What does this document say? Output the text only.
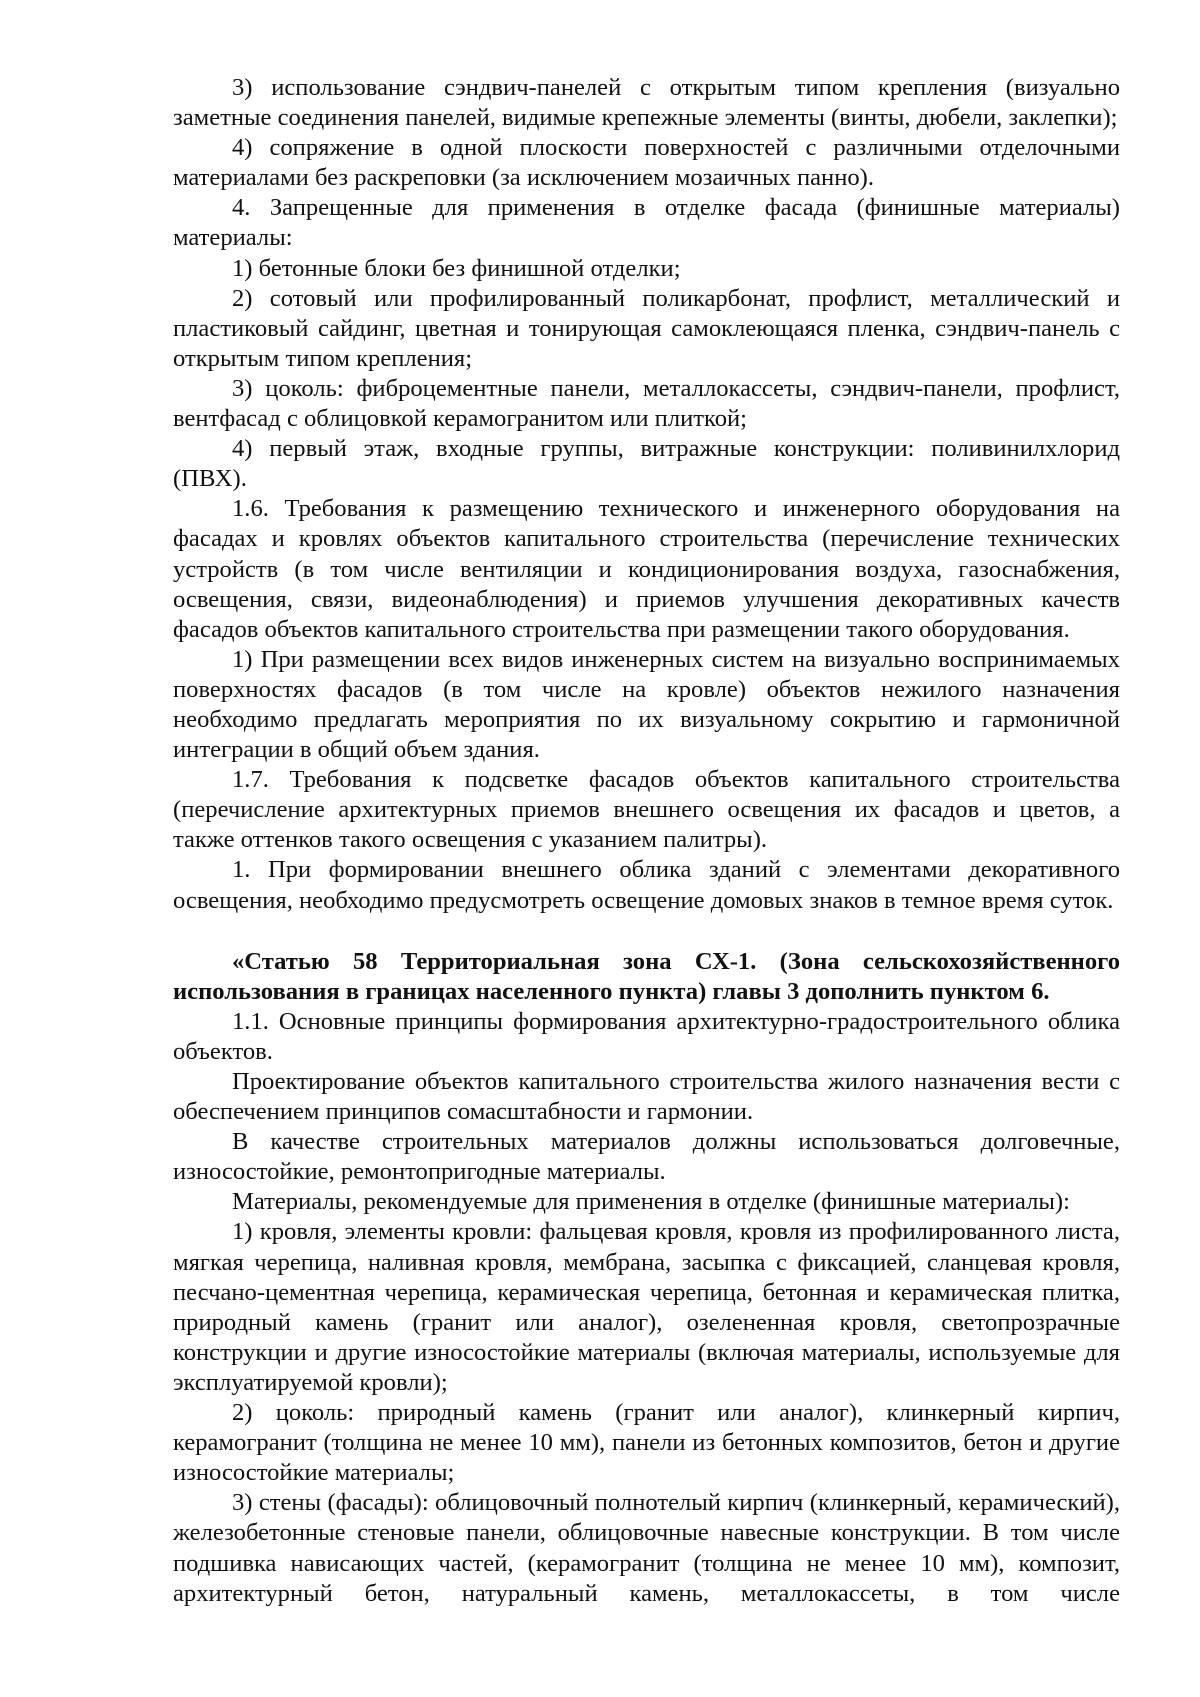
3) использование сэндвич-панелей с открытым типом крепления (визуально заметные соединения панелей, видимые крепежные элементы (винты, дюбели, заклепки);

4) сопряжение в одной плоскости поверхностей с различными отделочными материалами без раскреповки (за исключением мозаичных панно).

4. Запрещенные для применения в отделке фасада (финишные материалы) материалы:

1) бетонные блоки без финишной отделки;

2) сотовый или профилированный поликарбонат, профлист, металлический и пластиковый сайдинг, цветная и тонирующая самоклеющаяся пленка, сэндвич-панель с открытым типом крепления;

3) цоколь: фиброцементные панели, металлокассеты, сэндвич-панели, профлист, вентфасад с облицовкой керамогранитом или плиткой;

4) первый этаж, входные группы, витражные конструкции: поливинилхлорид (ПВХ).

1.6. Требования к размещению технического и инженерного оборудования на фасадах и кровлях объектов капитального строительства (перечисление технических устройств (в том числе вентиляции и кондиционирования воздуха, газоснабжения, освещения, связи, видеонаблюдения) и приемов улучшения декоративных качеств фасадов объектов капитального строительства при размещении такого оборудования.

1) При размещении всех видов инженерных систем на визуально воспринимаемых поверхностях фасадов (в том числе на кровле) объектов нежилого назначения необходимо предлагать мероприятия по их визуальному сокрытию и гармоничной интеграции в общий объем здания.

1.7. Требования к подсветке фасадов объектов капитального строительства (перечисление архитектурных приемов внешнего освещения их фасадов и цветов, а также оттенков такого освещения с указанием палитры).

1. При формировании внешнего облика зданий с элементами декоративного освещения, необходимо предусмотреть освещение домовых знаков в темное время суток.

«Статью 58 Территориальная зона СХ-1. (Зона сельскохозяйственного использования в границах населенного пункта) главы 3 дополнить пунктом 6.

1.1. Основные принципы формирования архитектурно-градостроительного облика объектов.

Проектирование объектов капитального строительства жилого назначения вести с обеспечением принципов сомасштабности и гармонии.

В качестве строительных материалов должны использоваться долговечные, износостойкие, ремонтопригодные материалы.

Материалы, рекомендуемые для применения в отделке (финишные материалы):

1) кровля, элементы кровли: фальцевая кровля, кровля из профилированного листа, мягкая черепица, наливная кровля, мембрана, засыпка с фиксацией, сланцевая кровля, песчано-цементная черепица, керамическая черепица, бетонная и керамическая плитка, природный камень (гранит или аналог), озелененная кровля, светопрозрачные конструкции и другие износостойкие материалы (включая материалы, используемые для эксплуатируемой кровли);

2) цоколь: природный камень (гранит или аналог), клинкерный кирпич, керамогранит (толщина не менее 10 мм), панели из бетонных композитов, бетон и другие износостойкие материалы;

3) стены (фасады): облицовочный полнотелый кирпич (клинкерный, керамический), железобетонные стеновые панели, облицовочные навесные конструкции. В том числе подшивка нависающих частей, (керамогранит (толщина не менее 10 мм), композит, архитектурный бетон, натуральный камень, металлокассеты, в том числе
